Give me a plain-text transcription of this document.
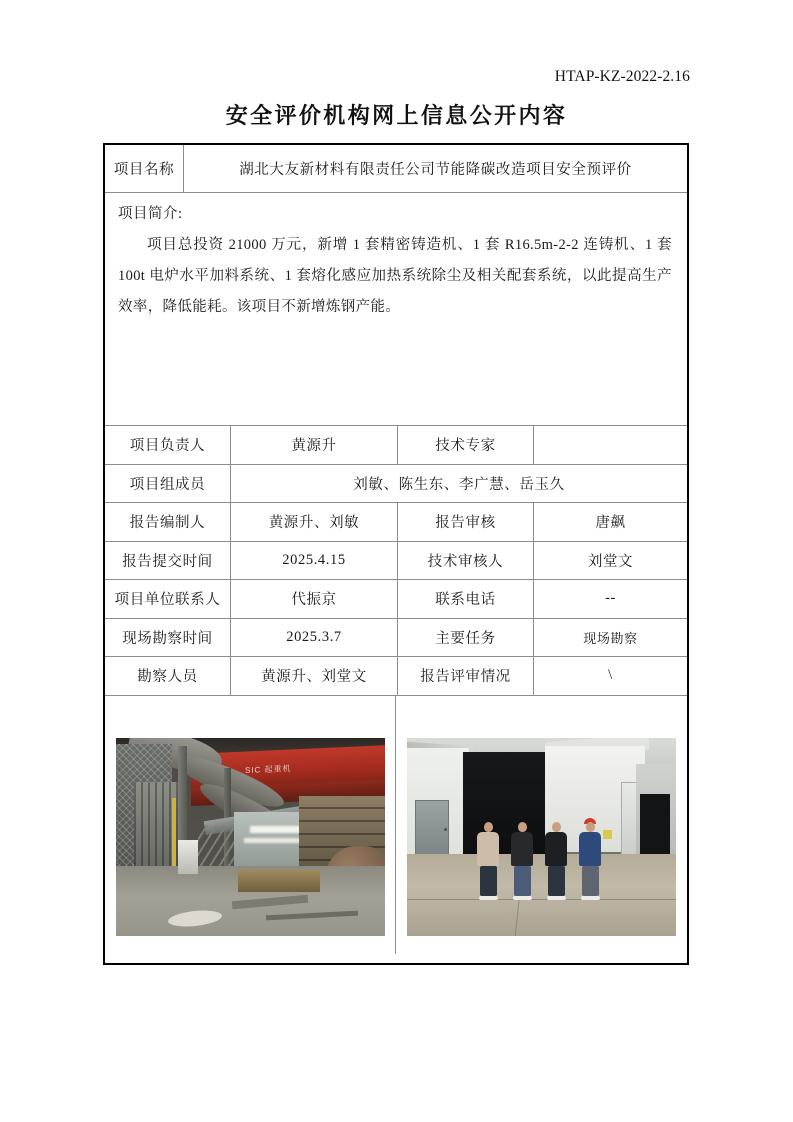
HTAP-KZ-2022-2.16
安全评价机构网上信息公开内容
项目名称	湖北大友新材料有限责任公司节能降碳改造项目安全预评价
项目简介:
项目总投资 21000 万元，新增 1 套精密铸造机、1 套 R16.5m-2-2 连铸机、1 套 100t 电炉水平加料系统、1 套熔化感应加热系统除尘及相关配套系统，以此提高生产效率，降低能耗。该项目不新增炼钢产能。
项目负责人	黄源升	技术专家
项目组成员	刘敏、陈生东、李广慧、岳玉久
报告编制人	黄源升、刘敏	报告审核	唐飙
报告提交时间	2025.4.15	技术审核人	刘堂文
项目单位联系人	代振京	联系电话	--
现场勘察时间	2025.3.7	主要任务	现场勘察
勘察人员	黄源升、刘堂文	报告评审情况	\
SIC 起重机
